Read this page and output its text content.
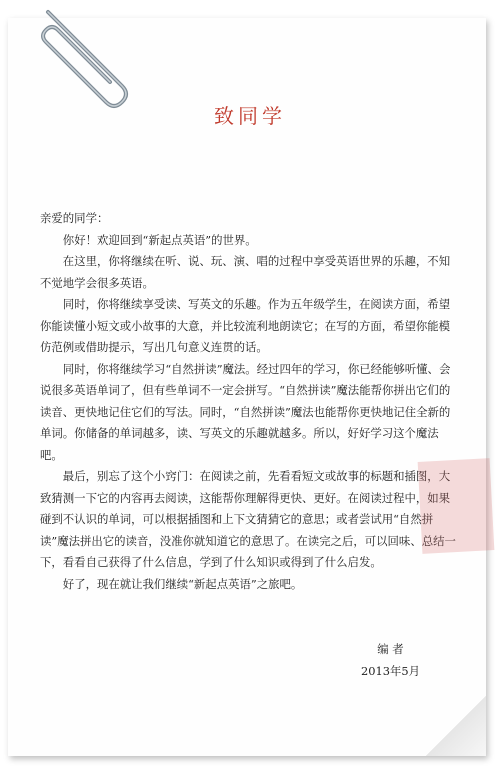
致同学

亲爱的同学：

你好！欢迎回到“新起点英语”的世界。

在这里，你将继续在听、说、玩、演、唱的过程中享受英语世界的乐趣，不知不觉地学会很多英语。

同时，你将继续享受读、写英文的乐趣。作为五年级学生，在阅读方面，希望你能读懂小短文或小故事的大意，并比较流利地朗读它；在写的方面，希望你能模仿范例或借助提示，写出几句意义连贯的话。

同时，你将继续学习“自然拼读”魔法。经过四年的学习，你已经能够听懂、会说很多英语单词了，但有些单词不一定会拼写。“自然拼读”魔法能帮你拼出它们的读音、更快地记住它们的写法。同时，“自然拼读”魔法也能帮你更快地记住全新的单词。你储备的单词越多，读、写英文的乐趣就越多。所以，好好学习这个魔法吧。

最后，别忘了这个小窍门：在阅读之前，先看看短文或故事的标题和插图，大致猜测一下它的内容再去阅读，这能帮你理解得更快、更好。在阅读过程中，如果碰到不认识的单词，可以根据插图和上下文猜猜它的意思；或者尝试用“自然拼读”魔法拼出它的读音，没准你就知道它的意思了。在读完之后，可以回味、总结一下，看看自己获得了什么信息，学到了什么知识或得到了什么启发。

好了，现在就让我们继续“新起点英语”之旅吧。

编 者
2013年5月
